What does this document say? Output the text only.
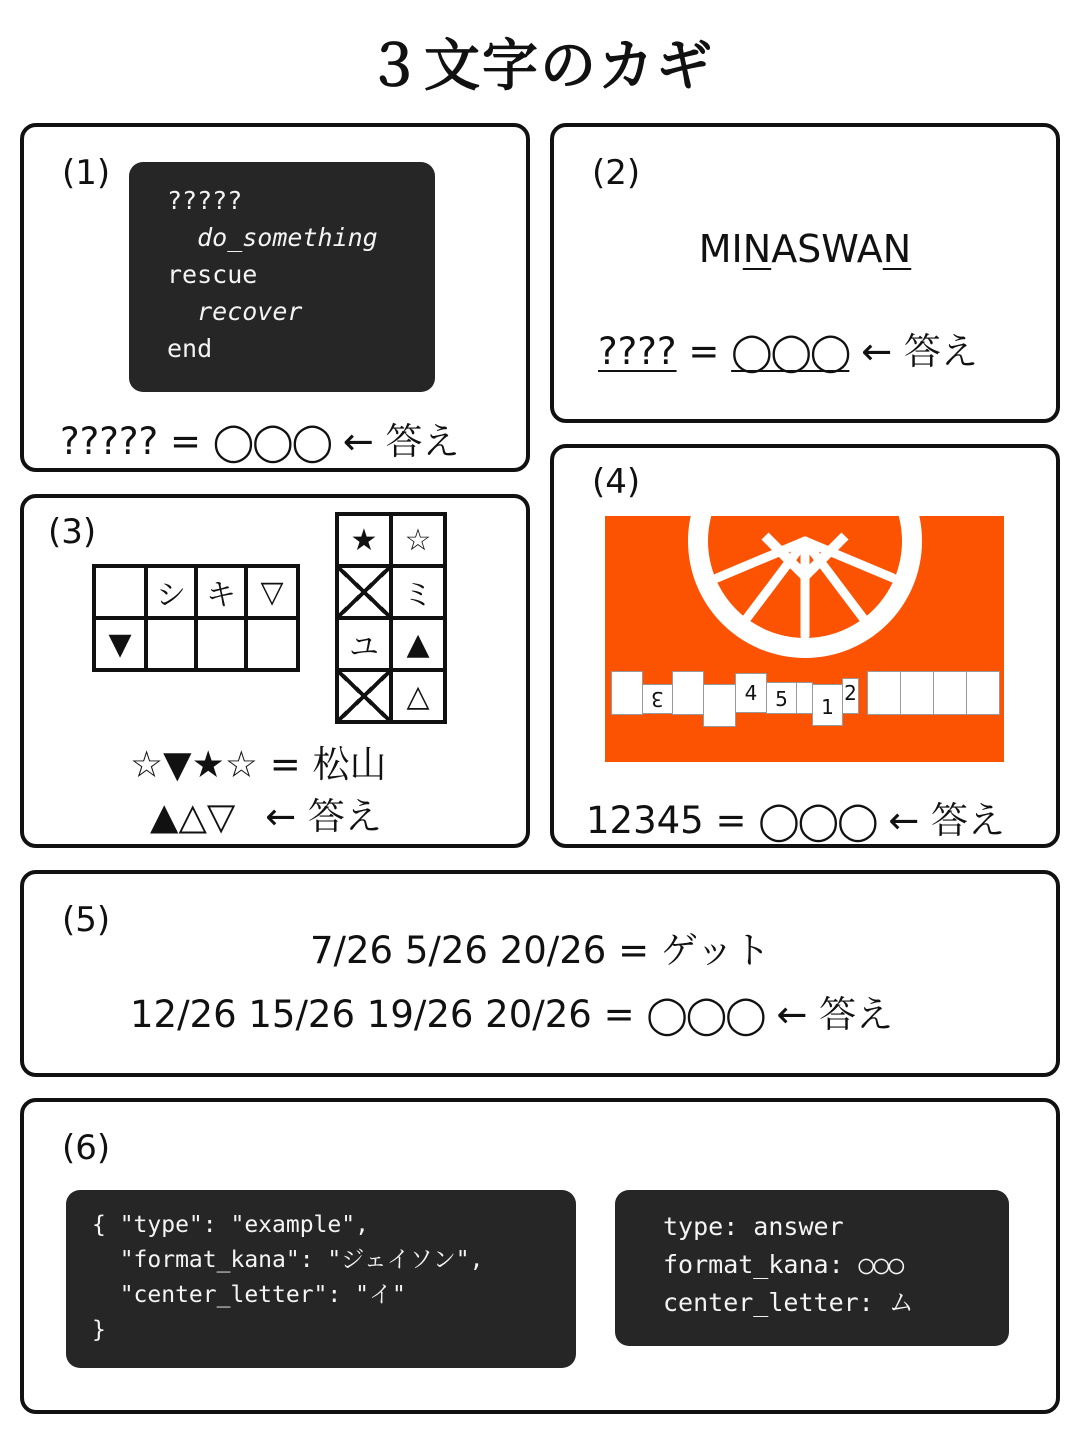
３文字のカギ
(1)
?????
do_something
rescue
recover
end
????? = ◯◯◯ ← 答え
(2)
MINASWAN
???? = ◯◯◯ ← 答え
(3)
	シ	キ	▽
▼			
★	☆
	ミ
ユ	▲
	△
☆▼★☆ = 松山
▲△▽ ← 答え
(4)
3	4 5	1
2
12345 = ◯◯◯ ← 答え
(5)
7/26 5/26 20/26 = ゲット
12/26 15/26 19/26 20/26 = ◯◯◯ ← 答え
(6)
{ "type": "example",
"format_kana": "ジェイソン",
"center_letter": "イ"
}
type: answer
format_kana: ◯◯◯
center_letter: ム
